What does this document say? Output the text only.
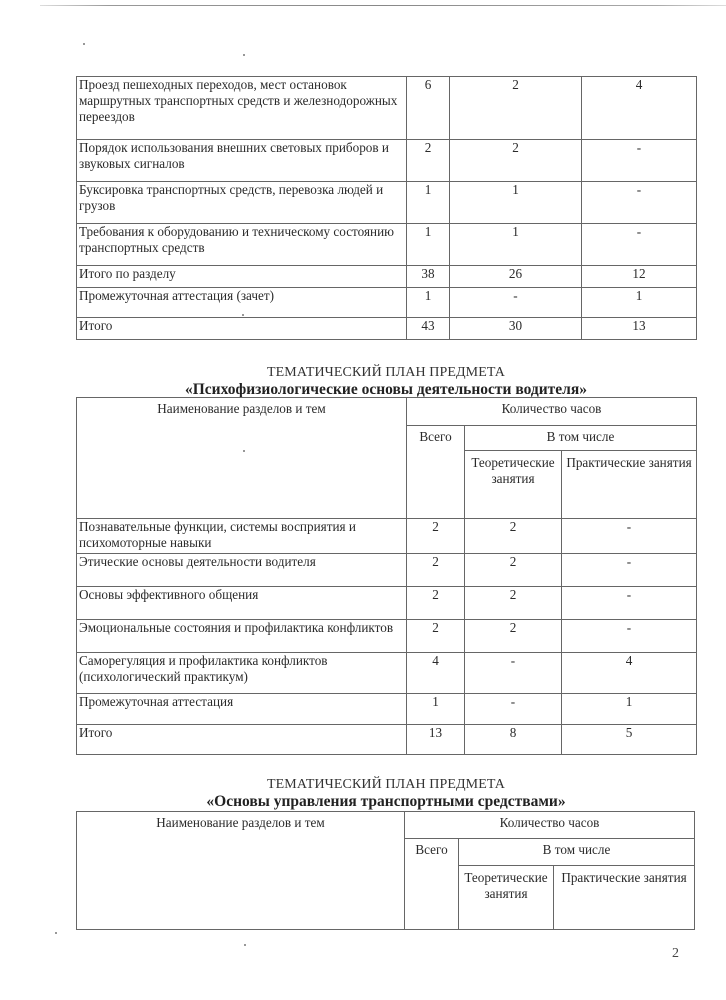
Проезд пешеходных переходов, мест остановок маршрутных транспортных средств и железнодорожных переездов	6	2	4
Порядок использования внешних световых приборов и звуковых сигналов	2	2	-
Буксировка транспортных средств, перевозка людей и грузов	1	1	-
Требования к оборудованию и техническому состоянию транспортных средств	1	1	-
Итого по разделу	38	26	12
Промежуточная аттестация (зачет)	1	-	1
Итого	43	30	13
ТЕМАТИЧЕСКИЙ ПЛАН ПРЕДМЕТА
«Психофизиологические основы деятельности водителя»
Наименование разделов и тем	Количество часов		
	Всего	В том числе	
		Теоретические занятия	Практические занятия
Познавательные функции, системы восприятия и психомоторные навыки	2	2	-
Этические основы деятельности водителя	2	2	-
Основы эффективного общения	2	2	-
Эмоциональные состояния и профилактика конфликтов	2	2	-
Саморегуляция и профилактика конфликтов (психологический практикум)	4	-	4
Промежуточная аттестация	1	-	1
Итого	13	8	5
ТЕМАТИЧЕСКИЙ ПЛАН ПРЕДМЕТА
«Основы управления транспортными средствами»
Наименование разделов и тем	Количество часов		
	Всего	В том числе	
		Теоретические занятия	Практические занятия
2
